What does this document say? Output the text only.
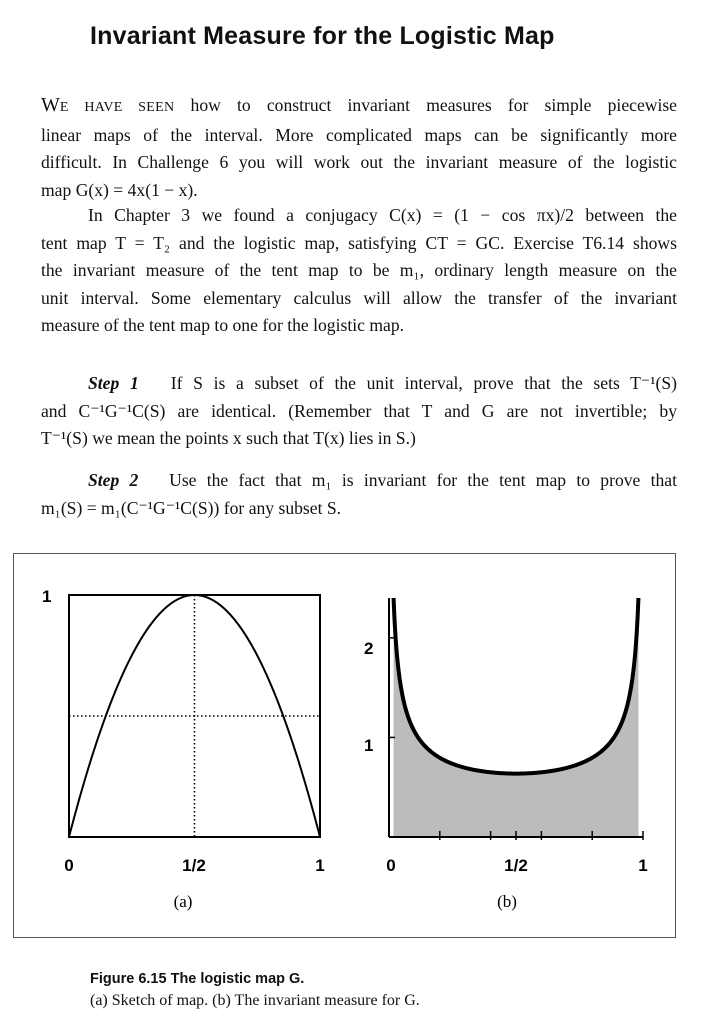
Invariant Measure for the Logistic Map
WE HAVE SEEN how to construct invariant measures for simple piecewise
linear maps of the interval. More complicated maps can be significantly more
difficult. In Challenge 6 you will work out the invariant measure of the logistic
map G(x) = 4x(1 − x).
In Chapter 3 we found a conjugacy C(x) = (1 − cos πx)/2 between the
tent map T = T₂ and the logistic map, satisfying CT = GC. Exercise T6.14 shows
the invariant measure of the tent map to be m₁, ordinary length measure on the
unit interval. Some elementary calculus will allow the transfer of the invariant
measure of the tent map to one for the logistic map.
Step 1 If S is a subset of the unit interval, prove that the sets T⁻¹(S)
and C⁻¹G⁻¹C(S) are identical. (Remember that T and G are not invertible; by
T⁻¹(S) we mean the points x such that T(x) lies in S.)
Step 2 Use the fact that m₁ is invariant for the tent map to prove that
m₁(S) = m₁(C⁻¹G⁻¹C(S)) for any subset S.
1
0	1/2	1
(a)
2
1
0	1/2	1
(b)
Figure 6.15 The logistic map G.
(a) Sketch of map. (b) The invariant measure for G.
